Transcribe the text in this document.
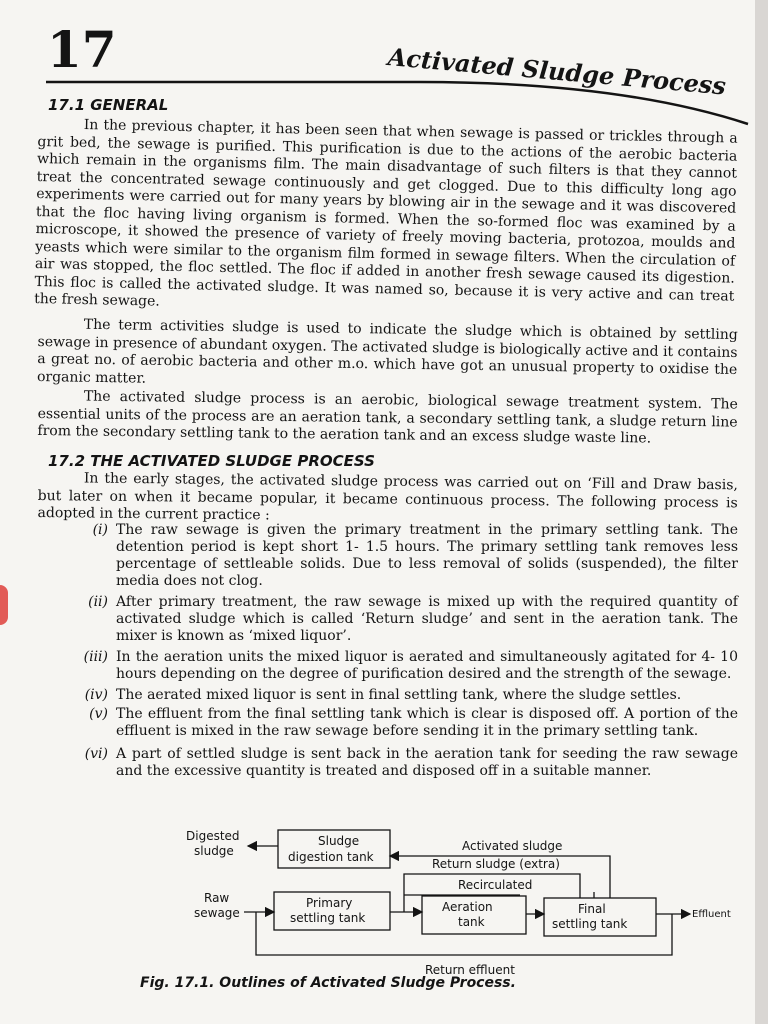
17	Activated Sludge Process
17.1 GENERAL
In the previous chapter, it has been seen that when sewage is passed or trickles through a grit bed, the sewage is purified. This purification is due to the actions of the aerobic bacteria which remain in the organisms film. The main disadvantage of such filters is that they cannot treat the concentrated sewage continuously and get clogged. Due to this difficulty long ago experiments were carried out for many years by blowing air in the sewage and it was discovered that the floc having living organism is formed. When the so-formed floc was examined by a microscope, it showed the presence of variety of freely moving bacteria, protozoa, moulds and yeasts which were similar to the organism film formed in sewage filters. When the circulation of air was stopped, the floc settled. The floc if added in another fresh sewage caused its digestion. This floc is called the activated sludge. It was named so, because it is very active and can treat the fresh sewage.
The term activities sludge is used to indicate the sludge which is obtained by settling sewage in presence of abundant oxygen. The activated sludge is biologically active and it contains a great no. of aerobic bacteria and other m.o. which have got an unusual property to oxidise the organic matter.
The activated sludge process is an aerobic, biological sewage treatment system. The essential units of the process are an aeration tank, a secondary settling tank, a sludge return line from the secondary settling tank to the aeration tank and an excess sludge waste line.
17.2 THE ACTIVATED SLUDGE PROCESS
In the early stages, the activated sludge process was carried out on ‘Fill and Draw basis, but later on when it became popular, it became continuous process. The following process is adopted in the current practice :
(i) The raw sewage is given the primary treatment in the primary settling tank. The detention period is kept short 1- 1.5 hours. The primary settling tank removes less percentage of settleable solids. Due to less removal of solids (suspended), the filter media does not clog.
(ii) After primary treatment, the raw sewage is mixed up with the required quantity of activated sludge which is called ‘Return sludge’ and sent in the aeration tank. The mixer is known as ‘mixed liquor’.
(iii) In the aeration units the mixed liquor is aerated and simultaneously agitated for 4- 10 hours depending on the degree of purification desired and the strength of the sewage.
(iv) The aerated mixed liquor is sent in final settling tank, where the sludge settles.
(v) The effluent from the final settling tank which is clear is disposed off. A portion of the effluent is mixed in the raw sewage before sending it in the primary settling tank.
(vi) A part of settled sludge is sent back in the aeration tank for seeding the raw sewage and the excessive quantity is treated and disposed off in a suitable manner.
Sludge
digestion tank
Digested
sludge	Activated sludge
Return sludge (extra)
Recirculated
Raw
sewage
Primary
settling tank
Aeration
tank
Final
settling tank
Effluent
Return effluent
Fig. 17.1. Outlines of Activated Sludge Process.
